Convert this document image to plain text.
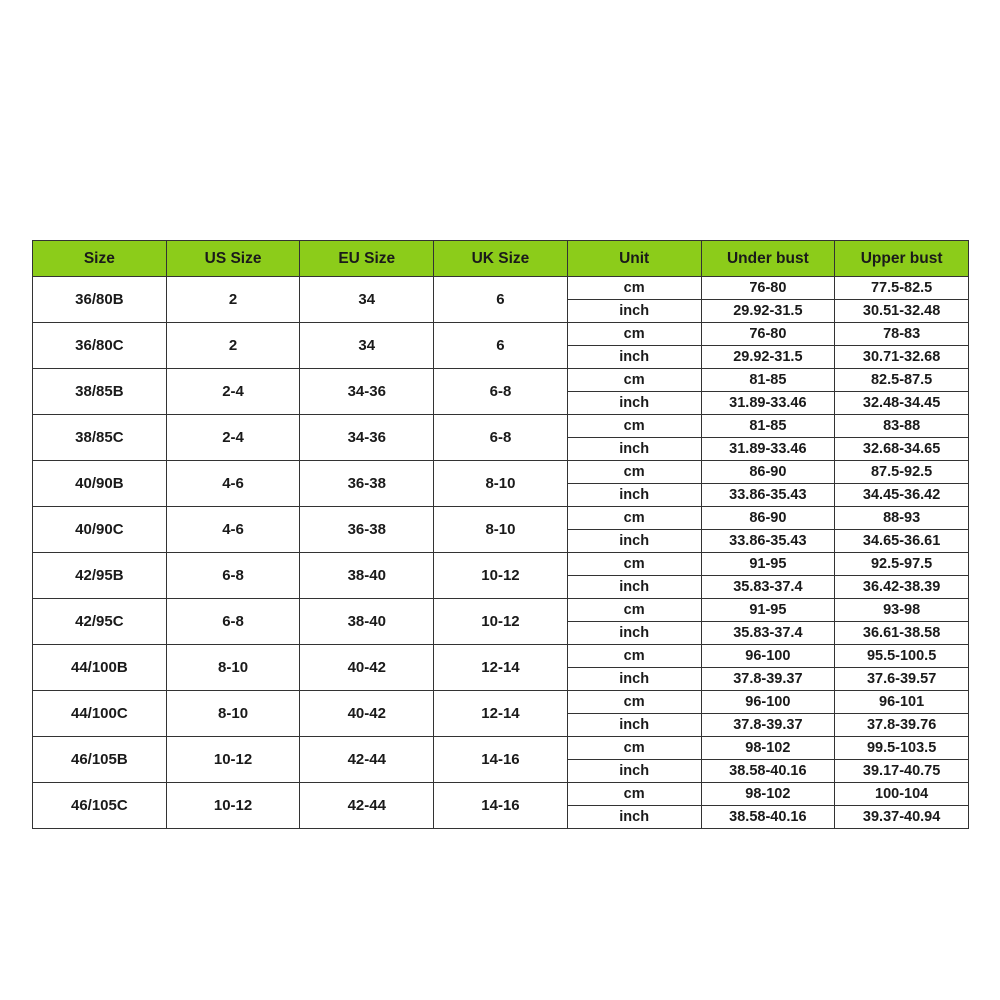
Size	US Size	EU Size	UK Size	Unit	Under bust	Upper bust
36/80B	2	34	6	cm	76-80	77.5-82.5
				inch	29.92-31.5	30.51-32.48
36/80C	2	34	6	cm	76-80	78-83
				inch	29.92-31.5	30.71-32.68
38/85B	2-4	34-36	6-8	cm	81-85	82.5-87.5
				inch	31.89-33.46	32.48-34.45
38/85C	2-4	34-36	6-8	cm	81-85	83-88
				inch	31.89-33.46	32.68-34.65
40/90B	4-6	36-38	8-10	cm	86-90	87.5-92.5
				inch	33.86-35.43	34.45-36.42
40/90C	4-6	36-38	8-10	cm	86-90	88-93
				inch	33.86-35.43	34.65-36.61
42/95B	6-8	38-40	10-12	cm	91-95	92.5-97.5
				inch	35.83-37.4	36.42-38.39
42/95C	6-8	38-40	10-12	cm	91-95	93-98
				inch	35.83-37.4	36.61-38.58
44/100B	8-10	40-42	12-14	cm	96-100	95.5-100.5
				inch	37.8-39.37	37.6-39.57
44/100C	8-10	40-42	12-14	cm	96-100	96-101
				inch	37.8-39.37	37.8-39.76
46/105B	10-12	42-44	14-16	cm	98-102	99.5-103.5
				inch	38.58-40.16	39.17-40.75
46/105C	10-12	42-44	14-16	cm	98-102	100-104
				inch	38.58-40.16	39.37-40.94
